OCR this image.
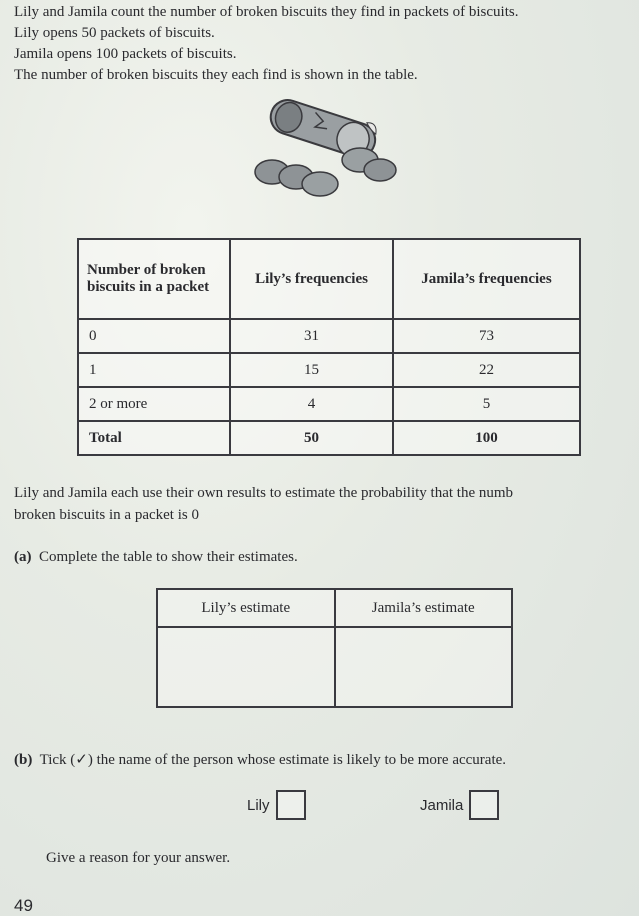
Lily and Jamila count the number of broken biscuits they find in packets of biscuits.

Lily opens 50 packets of biscuits.

Jamila opens 100 packets of biscuits.

The number of broken biscuits they each find is shown in the table.

Number of broken biscuits in a packet	Lily’s frequencies	Jamila’s frequencies
0	31	73
1	15	22
2 or more	4	5
Total	50	100

Lily and Jamila each use their own results to estimate the probability that the numb

broken biscuits in a packet is 0

(a) Complete the table to show their estimates.
Lily’s estimate	Jamila’s estimate

(b) Tick (✓) the name of the person whose estimate is likely to be more accurate.
Lily	Jamila
Give a reason for your answer.
49
